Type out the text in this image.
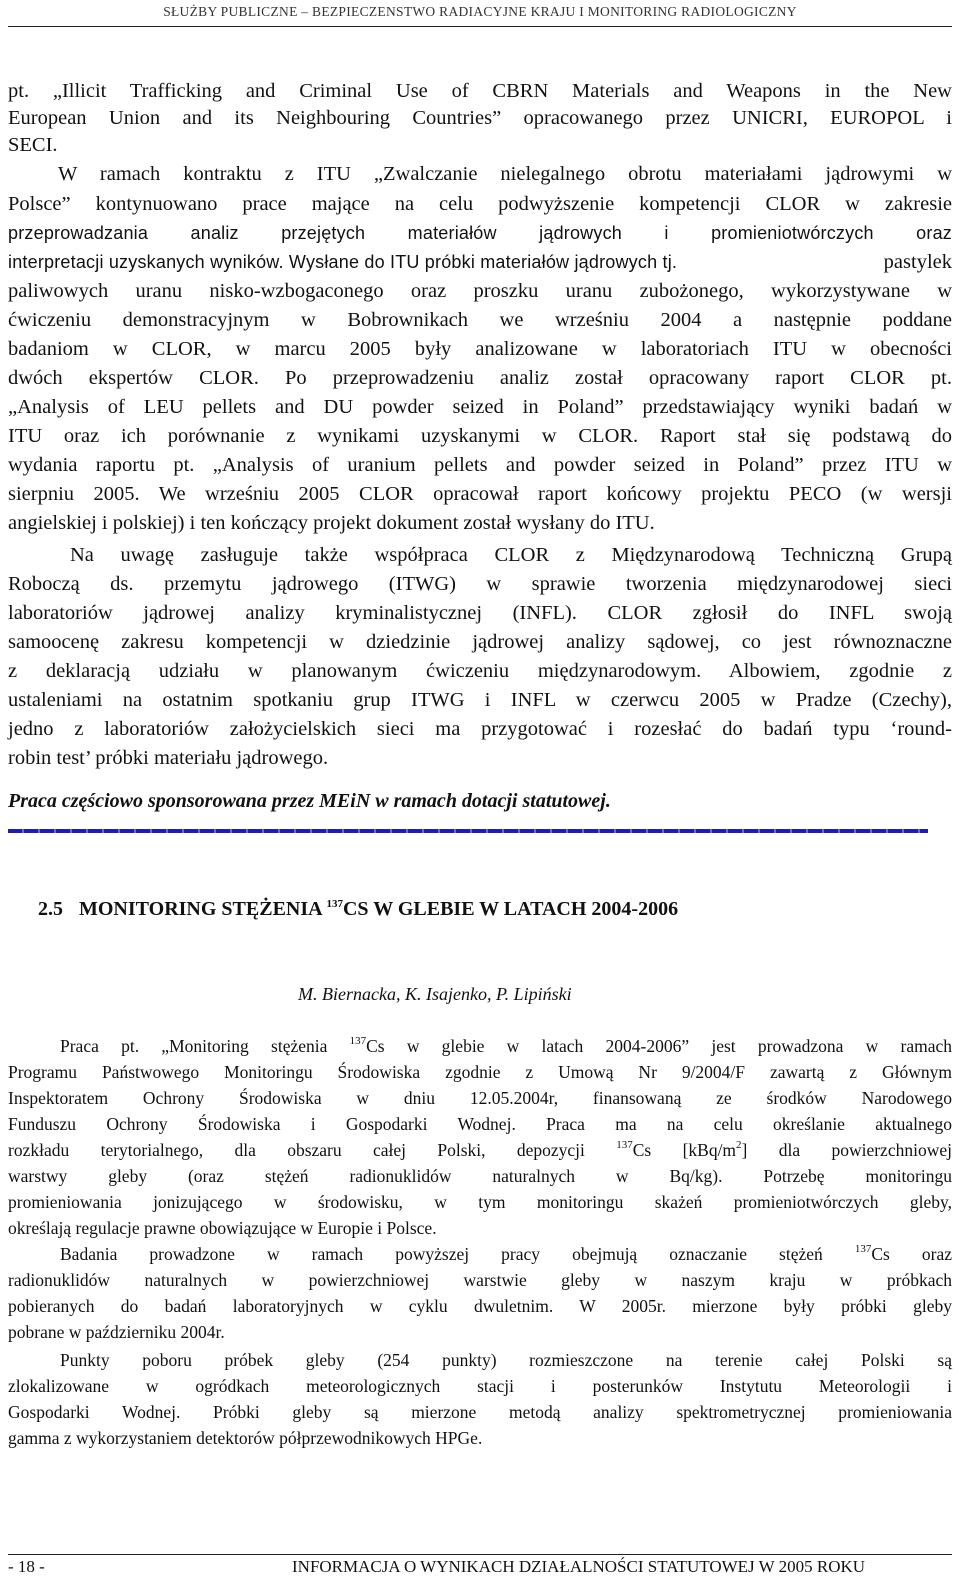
SŁUŻBY PUBLICZNE – BEZPIECZENSTWO RADIACYJNE KRAJU I MONITORING RADIOLOGICZNY
pt. „Illicit Trafficking and Criminal Use of CBRN Materials and Weapons in the New
European Union and its Neighbouring Countries” opracowanego przez UNICRI, EUROPOL i
SECI.
W ramach kontraktu z ITU „Zwalczanie nielegalnego obrotu materiałami jądrowymi w
Polsce” kontynuowano prace mające na celu podwyższenie kompetencji CLOR w zakresie
przeprowadzania analiz przejętych materiałów jądrowych i promieniotwórczych oraz
interpretacji uzyskanych wyników. Wysłane do ITU próbki materiałów jądrowych tj.	pastylek
paliwowych uranu nisko-wzbogaconego oraz proszku uranu zubożonego, wykorzystywane w
ćwiczeniu demonstracyjnym w Bobrownikach we wrześniu 2004 a następnie poddane
badaniom w CLOR, w marcu 2005 były analizowane w laboratoriach ITU w obecności
dwóch ekspertów CLOR. Po przeprowadzeniu analiz został opracowany raport CLOR pt.
„Analysis of LEU pellets and DU powder seized in Poland” przedstawiający wyniki badań w
ITU oraz ich porównanie z wynikami uzyskanymi w CLOR. Raport stał się podstawą do
wydania raportu pt. „Analysis of uranium pellets and powder seized in Poland” przez ITU w
sierpniu 2005. We wrześniu 2005 CLOR opracował raport końcowy projektu PECO (w wersji
angielskiej i polskiej) i ten kończący projekt dokument został wysłany do ITU.
Na uwagę zasługuje także współpraca CLOR z Międzynarodową Techniczną Grupą
Roboczą ds. przemytu jądrowego (ITWG) w sprawie tworzenia międzynarodowej sieci
laboratoriów jądrowej analizy kryminalistycznej (INFL). CLOR zgłosił do INFL swoją
samoocenę zakresu kompetencji w dziedzinie jądrowej analizy sądowej, co jest równoznaczne
z deklaracją udziału w planowanym ćwiczeniu międzynarodowym. Albowiem, zgodnie z
ustaleniami na ostatnim spotkaniu grup ITWG i INFL w czerwcu 2005 w Pradze (Czechy),
jedno z laboratoriów założycielskich sieci ma przygotować i rozesłać do badań typu ‘round-
robin test’ próbki materiału jądrowego.
Praca częściowo sponsorowana przez MEiN w ramach dotacji statutowej.
2.5 MONITORING STĘŻENIA $^{137}$CS W GLEBIE W LATACH 2004-2006
M. Biernacka, K. Isajenko, P. Lipiński
Praca pt. „Monitoring stężenia $^{137}$Cs w glebie w latach 2004-2006” jest prowadzona w ramach
Programu Państwowego Monitoringu Środowiska zgodnie z Umową Nr 9/2004/F zawartą z Głównym
Inspektoratem Ochrony Środowiska w dniu 12.05.2004r, finansowaną ze środków Narodowego
Funduszu Ochrony Środowiska i Gospodarki Wodnej. Praca ma na celu określanie aktualnego
rozkładu terytorialnego, dla obszaru całej Polski, depozycji $^{137}$Cs $[kBq/m^2]$ dla powierzchniowej
warstwy gleby (oraz stężeń radionuklidów naturalnych w Bq/kg). Potrzebę monitoringu
promieniowania jonizującego w środowisku, w tym monitoringu skażeń promieniotwórczych gleby,
określają regulacje prawne obowiązujące w Europie i Polsce.
Badania prowadzone w ramach powyższej pracy obejmują oznaczanie stężeń $^{137}$Cs oraz
radionuklidów naturalnych w powierzchniowej warstwie gleby w naszym kraju w próbkach
pobieranych do badań laboratoryjnych w cyklu dwuletnim. W 2005r. mierzone były próbki gleby
pobrane w październiku 2004r.
Punkty poboru próbek gleby (254 punkty) rozmieszczone na terenie całej Polski są
zlokalizowane w ogródkach meteorologicznych stacji i posterunków Instytutu Meteorologii i
Gospodarki Wodnej. Próbki gleby są mierzone metodą analizy spektrometrycznej promieniowania
gamma z wykorzystaniem detektorów półprzewodnikowych HPGe.
- 18 -	INFORMACJA O WYNIKACH DZIAŁALNOŚCI STATUTOWEJ W 2005 ROKU
